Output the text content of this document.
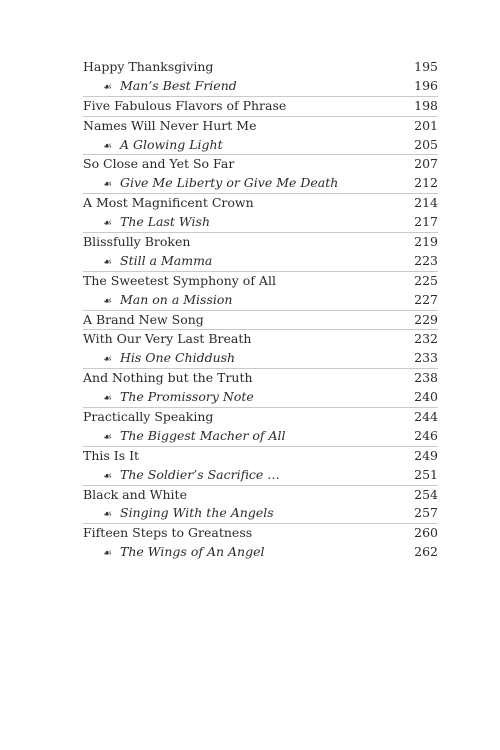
Happy Thanksgiving	195
☙ Man’s Best Friend	196
Five Fabulous Flavors of Phrase	198
Names Will Never Hurt Me	201
☙ A Glowing Light	205
So Close and Yet So Far	207
☙ Give Me Liberty or Give Me Death	212
A Most Magnificent Crown	214
☙ The Last Wish	217
Blissfully Broken	219
☙ Still a Mamma	223
The Sweetest Symphony of All	225
☙ Man on a Mission	227
A Brand New Song	229
With Our Very Last Breath	232
☙ His One Chiddush	233
And Nothing but the Truth	238
☙ The Promissory Note	240
Practically Speaking	244
☙ The Biggest Macher of All	246
This Is It	249
☙ The Soldier’s Sacrifice …	251
Black and White	254
☙ Singing With the Angels	257
Fifteen Steps to Greatness	260
☙ The Wings of An Angel	262
